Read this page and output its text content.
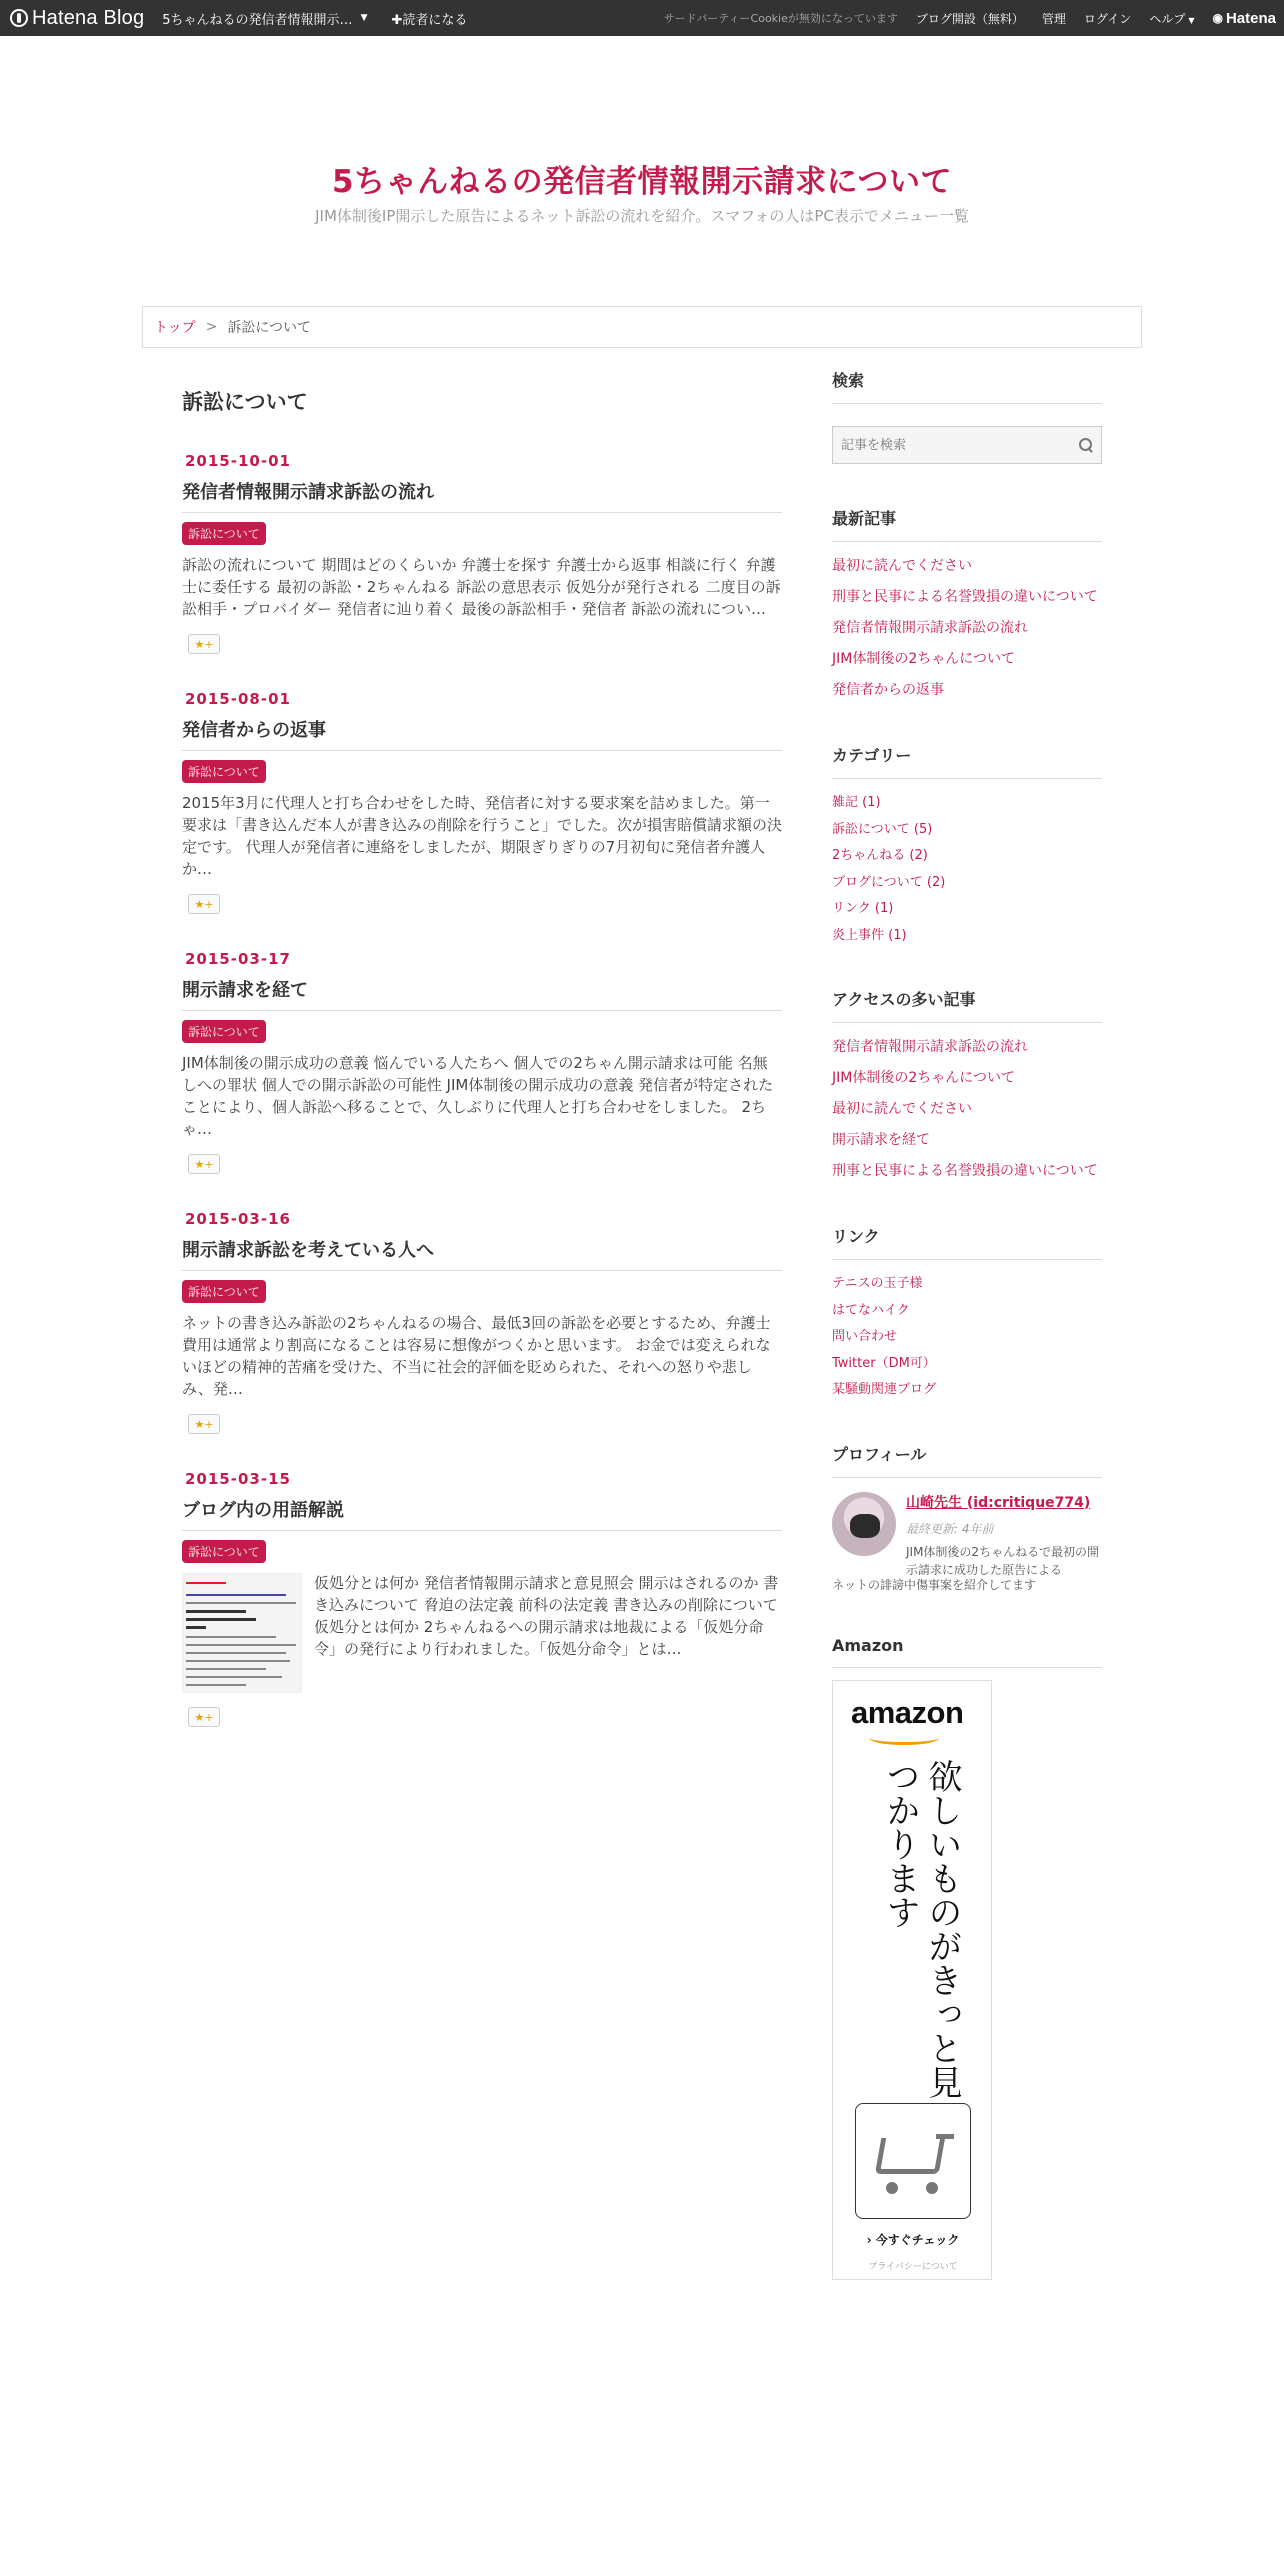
Hatena Blog 5ちゃんねるの発信者情報開示… ▼ ✚読者になる	サードパーティーCookieが無効になっています ブログ開設（無料） 管理 ログイン ヘルプ ▼ ◉ Hatena
5ちゃんねるの発信者情報開示請求について
JIM体制後IP開示した原告によるネット訴訟の流れを紹介。スマフォの人はPC表示でメニュー一覧
トップ > 訴訟について
訴訟について
2015-10-01
発信者情報開示請求訴訟の流れ
訴訟について
訴訟の流れについて 期間はどのくらいか 弁護士を探す 弁護士から返事 相談に行く 弁護士に委任する 最初の訴訟・2ちゃんねる 訴訟の意思表示 仮処分が発行される 二度目の訴訟相手・プロバイダー 発信者に辿り着く 最後の訴訟相手・発信者 訴訟の流れについ…
★+
2015-08-01
発信者からの返事
訴訟について
2015年3月に代理人と打ち合わせをした時、発信者に対する要求案を詰めました。第一要求は「書き込んだ本人が書き込みの削除を行うこと」でした。次が損害賠償請求額の決定です。 代理人が発信者に連絡をしましたが、期限ぎりぎりの7月初旬に発信者弁護人か…
★+
2015-03-17
開示請求を経て
訴訟について
JIM体制後の開示成功の意義 悩んでいる人たちへ 個人での2ちゃん開示請求は可能 名無しへの罪状 個人での開示訴訟の可能性 JIM体制後の開示成功の意義 発信者が特定されたことにより、個人訴訟へ移ることで、久しぶりに代理人と打ち合わせをしました。 2ちゃ…
★+
2015-03-16
開示請求訴訟を考えている人へ
訴訟について
ネットの書き込み訴訟の2ちゃんねるの場合、最低3回の訴訟を必要とするため、弁護士費用は通常より割高になることは容易に想像がつくかと思います。 お金では変えられないほどの精神的苦痛を受けた、不当に社会的評価を貶められた、それへの怒りや悲しみ、発…
★+
2015-03-15
ブログ内の用語解説
訴訟について
仮処分とは何か 発信者情報開示請求と意見照会 開示はされるのか 書き込みについて 脅迫の法定義 前科の法定義 書き込みの削除について 仮処分とは何か 2ちゃんねるへの開示請求は地裁による「仮処分命令」の発行により行われました。「仮処分命令」とは…
★+
検索
記事を検索
最新記事
最初に読んでください
刑事と民事による名誉毀損の違いについて
発信者情報開示請求訴訟の流れ
JIM体制後の2ちゃんについて
発信者からの返事
カテゴリー
雑記 (1)
訴訟について (5)
2ちゃんねる (2)
ブログについて (2)
リンク (1)
炎上事件 (1)
アクセスの多い記事
発信者情報開示請求訴訟の流れ
JIM体制後の2ちゃんについて
最初に読んでください
開示請求を経て
刑事と民事による名誉毀損の違いについて
リンク
テニスの玉子様
はてなハイク
問い合わせ
Twitter（DM可）
某騒動関連ブログ
プロフィール
山崎先生 (id:critique774)
最終更新: 4年前
JIM体制後の2ちゃんねるで最初の開示請求に成功した原告による
ネットの誹謗中傷事案を紹介してます
Amazon
amazon
欲しいものがきっと見つかります
› 今すぐチェック
プライバシーについて
